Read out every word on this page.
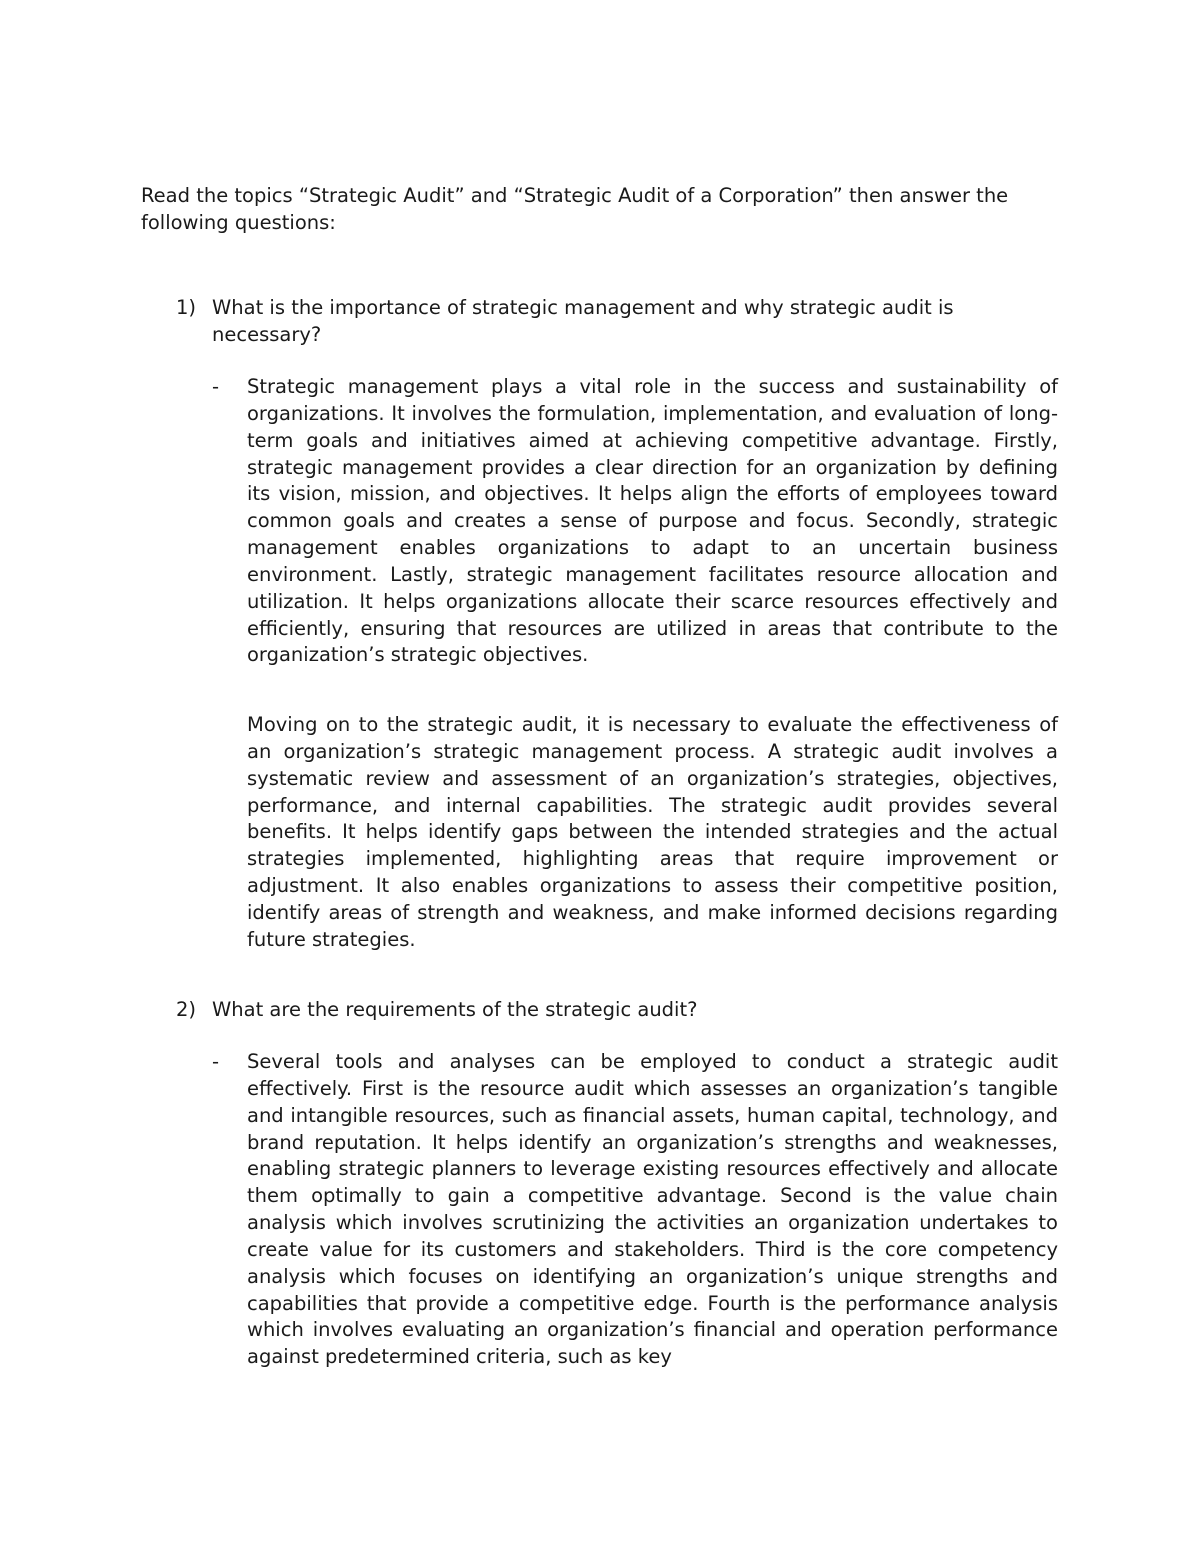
Read the topics “Strategic Audit” and “Strategic Audit of a Corporation” then answer the following questions:

1) What is the importance of strategic management and why strategic audit is necessary?
- Strategic management plays a vital role in the success and sustainability of organizations. It involves the formulation, implementation, and evaluation of long-term goals and initiatives aimed at achieving competitive advantage. Firstly, strategic management provides a clear direction for an organization by defining its vision, mission, and objectives. It helps align the efforts of employees toward common goals and creates a sense of purpose and focus. Secondly, strategic management enables organizations to adapt to an uncertain business environment. Lastly, strategic management facilitates resource allocation and utilization. It helps organizations allocate their scarce resources effectively and efficiently, ensuring that resources are utilized in areas that contribute to the organization’s strategic objectives.
Moving on to the strategic audit, it is necessary to evaluate the effectiveness of an organization’s strategic management process. A strategic audit involves a systematic review and assessment of an organization’s strategies, objectives, performance, and internal capabilities. The strategic audit provides several benefits. It helps identify gaps between the intended strategies and the actual strategies implemented, highlighting areas that require improvement or adjustment. It also enables organizations to assess their competitive position, identify areas of strength and weakness, and make informed decisions regarding future strategies.
2) What are the requirements of the strategic audit?
- Several tools and analyses can be employed to conduct a strategic audit effectively. First is the resource audit which assesses an organization’s tangible and intangible resources, such as financial assets, human capital, technology, and brand reputation. It helps identify an organization’s strengths and weaknesses, enabling strategic planners to leverage existing resources effectively and allocate them optimally to gain a competitive advantage. Second is the value chain analysis which involves scrutinizing the activities an organization undertakes to create value for its customers and stakeholders. Third is the core competency analysis which focuses on identifying an organization’s unique strengths and capabilities that provide a competitive edge. Fourth is the performance analysis which involves evaluating an organization’s financial and operation performance against predetermined criteria, such as key
